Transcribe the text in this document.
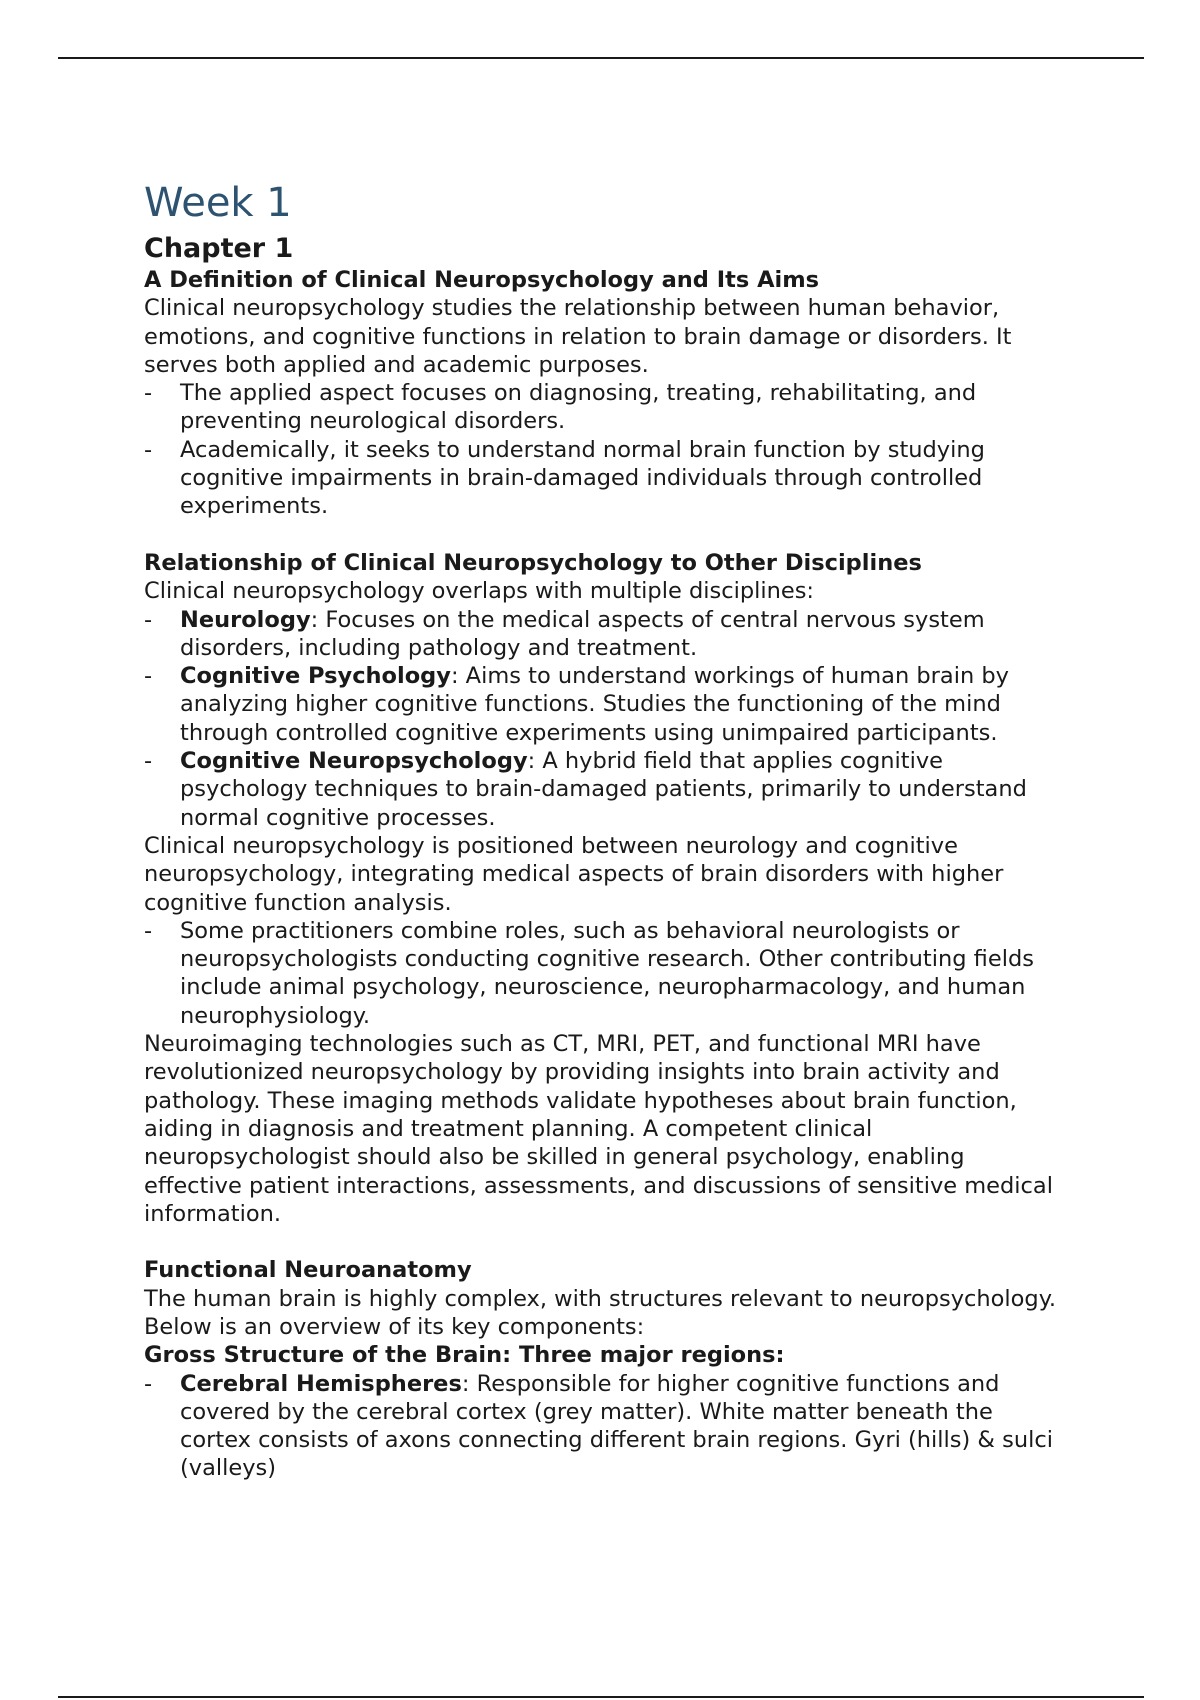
Week 1
Chapter 1
A Definition of Clinical Neuropsychology and Its Aims

Clinical neuropsychology studies the relationship between human behavior, emotions, and cognitive functions in relation to brain damage or disorders. It serves both applied and academic purposes.

- The applied aspect focuses on diagnosing, treating, rehabilitating, and preventing neurological disorders.
- Academically, it seeks to understand normal brain function by studying cognitive impairments in brain-damaged individuals through controlled experiments.
Relationship of Clinical Neuropsychology to Other Disciplines

Clinical neuropsychology overlaps with multiple disciplines:

- Neurology: Focuses on the medical aspects of central nervous system disorders, including pathology and treatment.
- Cognitive Psychology: Aims to understand workings of human brain by analyzing higher cognitive functions. Studies the functioning of the mind through controlled cognitive experiments using unimpaired participants.
- Cognitive Neuropsychology: A hybrid field that applies cognitive psychology techniques to brain-damaged patients, primarily to understand normal cognitive processes.

Clinical neuropsychology is positioned between neurology and cognitive neuropsychology, integrating medical aspects of brain disorders with higher cognitive function analysis.

- Some practitioners combine roles, such as behavioral neurologists or neuropsychologists conducting cognitive research. Other contributing fields include animal psychology, neuroscience, neuropharmacology, and human neurophysiology.

Neuroimaging technologies such as CT, MRI, PET, and functional MRI have revolutionized neuropsychology by providing insights into brain activity and pathology. These imaging methods validate hypotheses about brain function, aiding in diagnosis and treatment planning. A competent clinical neuropsychologist should also be skilled in general psychology, enabling effective patient interactions, assessments, and discussions of sensitive medical information.

Functional Neuroanatomy

The human brain is highly complex, with structures relevant to neuropsychology. Below is an overview of its key components:

Gross Structure of the Brain: Three major regions:
- Cerebral Hemispheres: Responsible for higher cognitive functions and covered by the cerebral cortex (grey matter). White matter beneath the cortex consists of axons connecting different brain regions. Gyri (hills) & sulci (valleys)
